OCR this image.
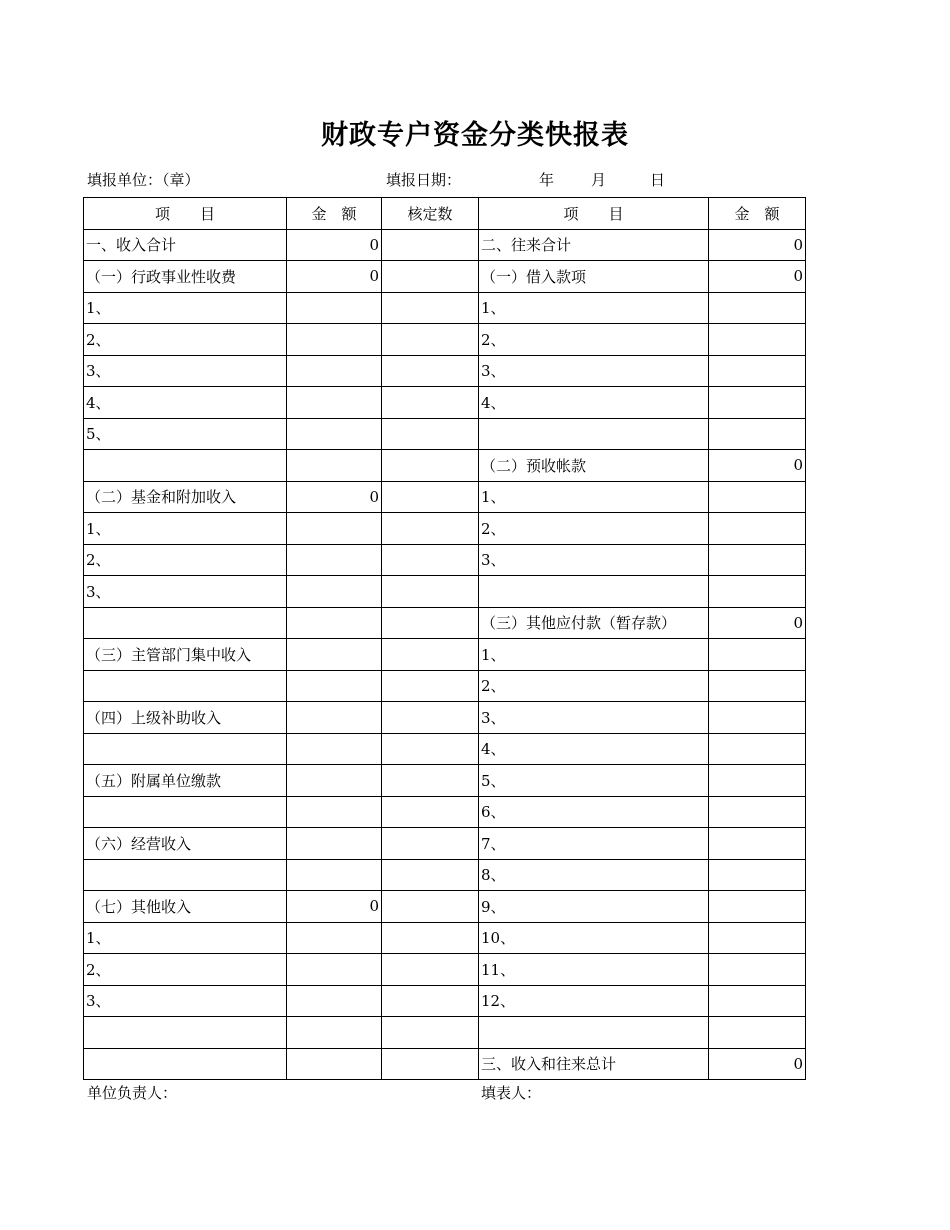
财政专户资金分类快报表
填报单位：（章）	填报日期：	年 月	日
项　　目	金　额	核定数	项　　目	金　额
一、收入合计	0		二、往来合计	0
（一）行政事业性收费	0		（一）借入款项	0
1、			1、	
2、			2、	
3、			3、	
4、			4、	
5、				
			（二）预收帐款	0
（二）基金和附加收入	0		1、	
1、			2、	
2、			3、	
3、				
			（三）其他应付款（暂存款）	0
（三）主管部门集中收入			1、	
			2、	
（四）上级补助收入			3、	
			4、	
（五）附属单位缴款			5、	
			6、	
（六）经营收入			7、	
			8、	
（七）其他收入	0		9、	
1、			10、	
2、			11、	
3、			12、	

			三、收入和往来总计	0
单位负责人：	填表人：
